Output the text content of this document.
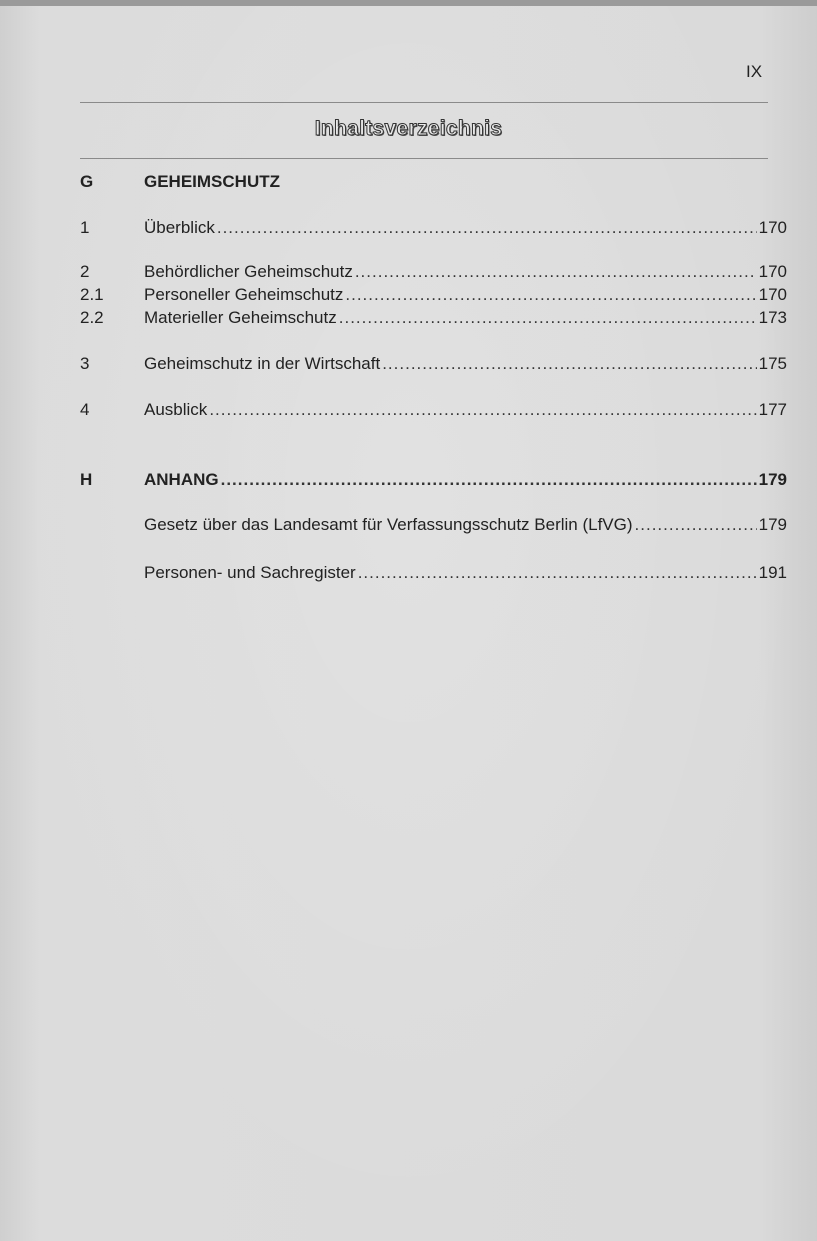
IX
Inhaltsverzeichnis
G	GEHEIMSCHUTZ
1	Überblick .....	170
2	Behördlicher Geheimschutz .....	170
2.1	Personeller Geheimschutz .....	170
2.2	Materieller Geheimschutz .....	173
3	Geheimschutz in der Wirtschaft .....	175
4	Ausblick .....	177
H	ANHANG .....	179
Gesetz über das Landesamt für Verfassungsschutz Berlin (LfVG) .....	179
Personen- und Sachregister .....	191
